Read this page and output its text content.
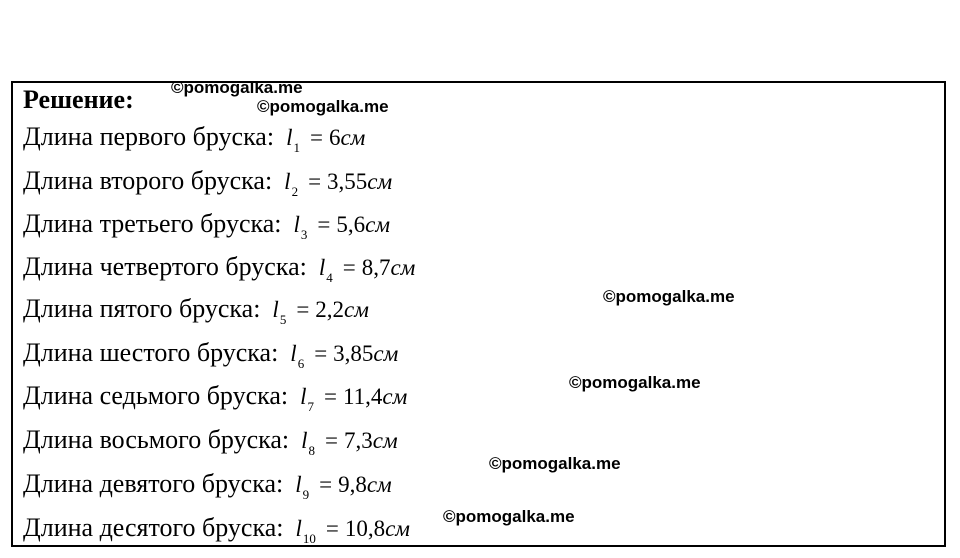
Решение:
Длина первого бруска: $l_1 = 6см$
Длина второго бруска: $l_2 = 3,55см$
Длина третьего бруска: $l_3 = 5,6см$
Длина четвертого бруска: $l_4 = 8,7см$
Длина пятого бруска: $l_5 = 2,2см$
Длина шестого бруска: $l_6 = 3,85см$
Длина седьмого бруска: $l_7 = 11,4см$
Длина восьмого бруска: $l_8 = 7,3см$
Длина девятого бруска: $l_9 = 9,8см$
Длина десятого бруска: $l_{10} = 10,8см$
©pomogalka.me
©pomogalka.me
©pomogalka.me
©pomogalka.me
©pomogalka.me
©pomogalka.me
